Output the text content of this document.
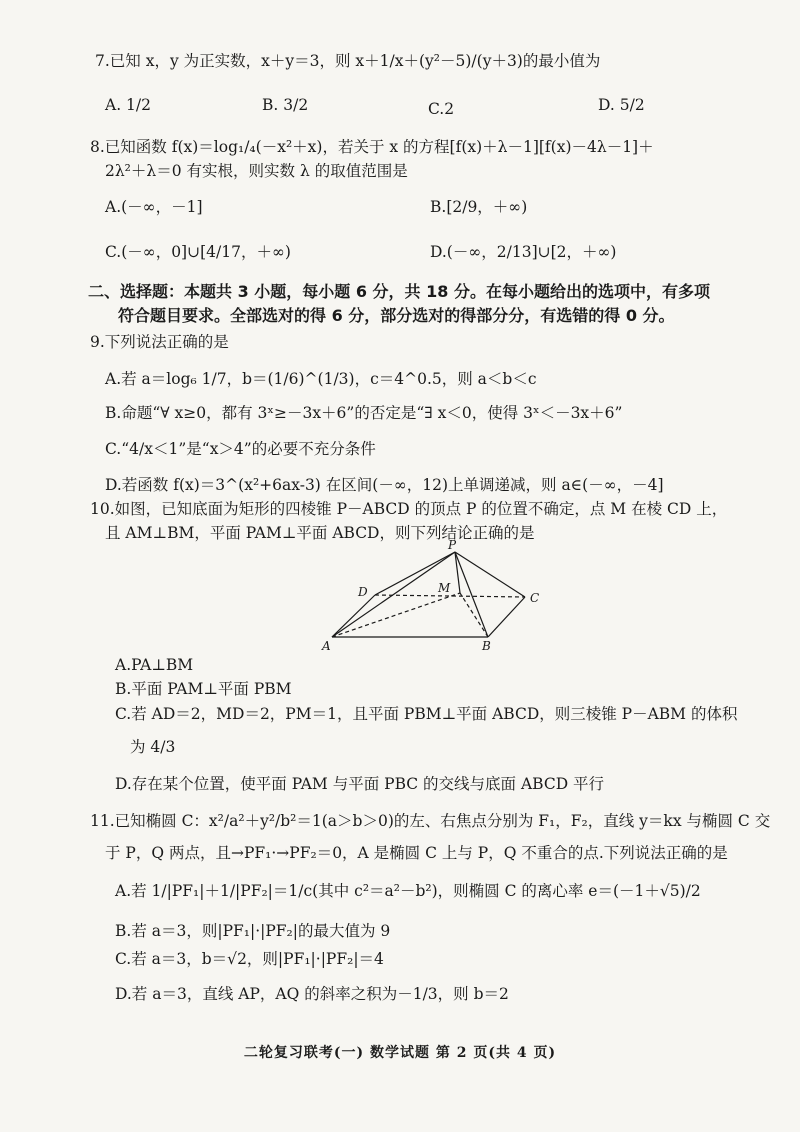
7.已知 x，y 为正实数，x＋y＝3，则 x＋1/x＋(y²－5)/(y＋3)的最小值为
A. 1/2	B. 3/2	C.2	D. 5/2
8.已知函数 f(x)＝log₁/₄(－x²＋x)，若关于 x 的方程[f(x)＋λ－1][f(x)－4λ－1]＋
2λ²＋λ＝0 有实根，则实数 λ 的取值范围是
A.(－∞，－1]	B.[2/9，＋∞)
C.(－∞，0]∪[4/17，＋∞)	D.(－∞，2/13]∪[2，＋∞)
二、选择题：本题共 3 小题，每小题 6 分，共 18 分。在每小题给出的选项中，有多项
符合题目要求。全部选对的得 6 分，部分选对的得部分分，有选错的得 0 分。
9.下列说法正确的是
A.若 a＝log₆ 1/7，b＝(1/6)^(1/3)，c＝4^0.5，则 a＜b＜c
B.命题“∀ x≥0，都有 3ˣ≥－3x＋6”的否定是“∃ x＜0，使得 3ˣ＜－3x＋6”
C.“4/x＜1”是“x＞4”的必要不充分条件
D.若函数 f(x)＝3^(x²+6ax-3) 在区间(－∞，12)上单调递减，则 a∈(－∞，－4]
10.如图，已知底面为矩形的四棱锥 P－ABCD 的顶点 P 的位置不确定，点 M 在棱 CD 上，
且 AM⊥BM，平面 PAM⊥平面 ABCD，则下列结论正确的是
P
D	M
C
A	B
A.PA⊥BM
B.平面 PAM⊥平面 PBM
C.若 AD＝2，MD＝2，PM＝1，且平面 PBM⊥平面 ABCD，则三棱锥 P－ABM 的体积
为 4/3
D.存在某个位置，使平面 PAM 与平面 PBC 的交线与底面 ABCD 平行
11.已知椭圆 C：x²/a²＋y²/b²＝1(a＞b＞0)的左、右焦点分别为 F₁，F₂，直线 y＝kx 与椭圆 C 交
于 P，Q 两点，且→PF₁·→PF₂＝0，A 是椭圆 C 上与 P，Q 不重合的点.下列说法正确的是
A.若 1/|PF₁|＋1/|PF₂|＝1/c(其中 c²＝a²－b²)，则椭圆 C 的离心率 e＝(－1＋√5)/2
B.若 a＝3，则|PF₁|·|PF₂|的最大值为 9
C.若 a＝3，b＝√2，则|PF₁|·|PF₂|＝4
D.若 a＝3，直线 AP，AQ 的斜率之积为－1/3，则 b＝2
二轮复习联考(一) 数学试题 第 2 页(共 4 页)
